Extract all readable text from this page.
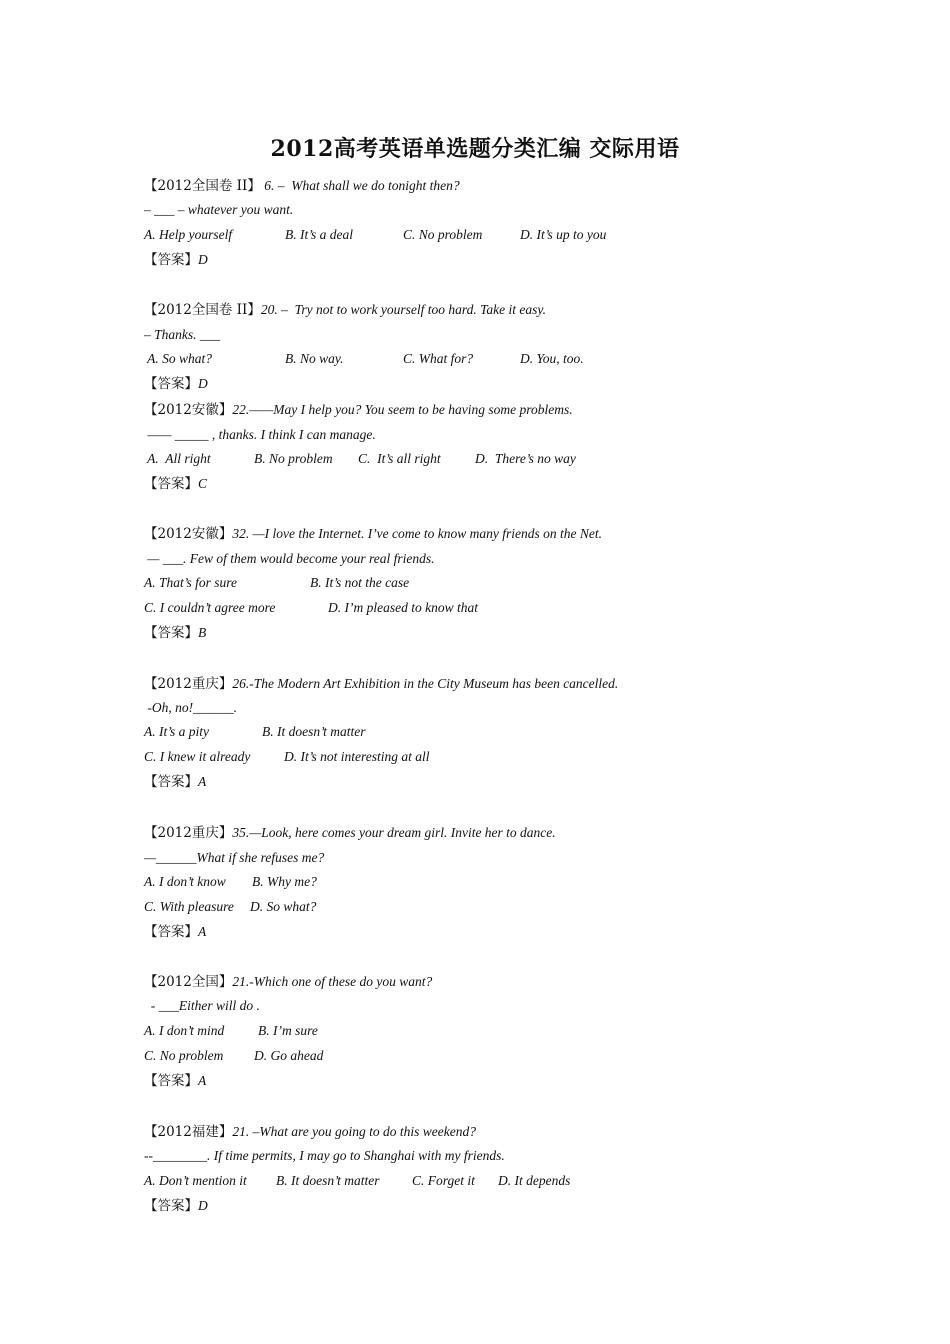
2012高考英语单选题分类汇编 交际用语
【2012全国卷 II】 6. –  What shall we do tonight then?
– ___ – whatever you want.
A. Help yourself	B. It’s a deal	C. No problem	D. It’s up to you
【答案】D
【2012全国卷 II】20. –  Try not to work yourself too hard. Take it easy.
– Thanks. ___
A. So what?	B. No way.	C. What for?	D. You, too.
【答案】D
【2012安徽】22.——May I help you? You seem to be having some problems.
—— _____ , thanks. I think I can manage.
A.  All right	B. No problem C.  It’s all right	D.  There’s no way
【答案】C
【2012安徽】32. —I love the Internet. I’ve come to know many friends on the Net.
— ___. Few of them would become your real friends.
A. That’s for sure	B. It’s not the case
C. I couldn’t agree more	D. I’m pleased to know that
【答案】B
【2012重庆】26.-The Modern Art Exhibition in the City Museum has been cancelled.
-Oh, no!______.
A. It’s a pity	B. It doesn’t matter
C. I knew it already D. It’s not interesting at all
【答案】A
【2012重庆】35.—Look, here comes your dream girl. Invite her to dance.
—______What if she refuses me?
A. I don’t know B. Why me?
C. With pleasure D. So what?
【答案】A
【2012全国】21.-Which one of these do you want?
- ___Either will do .
A. I don’t mind	B. I’m sure
C. No problem D. Go ahead
【答案】A
【2012福建】21. –What are you going to do this weekend?
--________. If time permits, I may go to Shanghai with my friends.
A. Don’t mention it B. It doesn’t matter C. Forget it D. It depends
【答案】D
